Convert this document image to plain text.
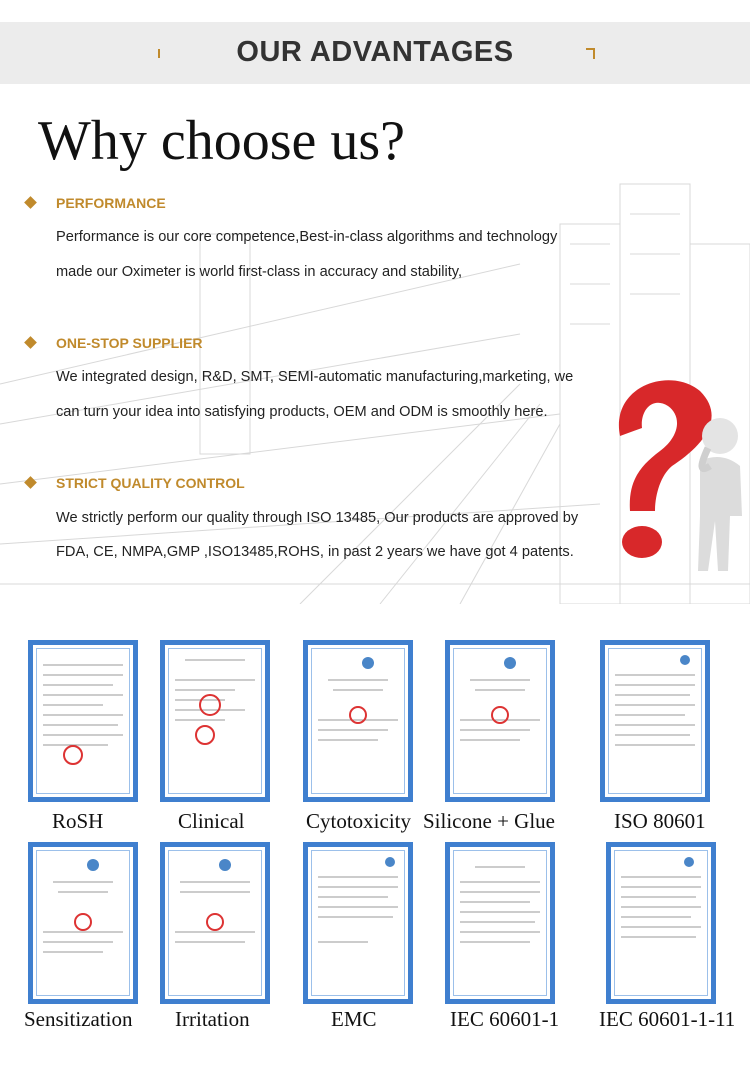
OUR ADVANTAGES
Why choose us?
PERFORMANCE
Performance is our core competence,Best-in-class algorithms and technology
made our Oximeter is world first-class in accuracy and stability,
ONE-STOP SUPPLIER
We integrated design, R&D, SMT, SEMI-automatic manufacturing,marketing, we
can turn your idea into satisfying products, OEM and ODM is smoothly here.
STRICT QUALITY CONTROL
We strictly perform our quality through ISO 13485, Our products are approved by
FDA, CE, NMPA,GMP ,ISO13485,ROHS, in past 2 years we have got 4 patents.
RoSH	Clinical	Cytotoxicity Silicone + Glue	ISO 80601
Sensitization Irritation	EMC	IEC 60601-1 IEC 60601-1-11
